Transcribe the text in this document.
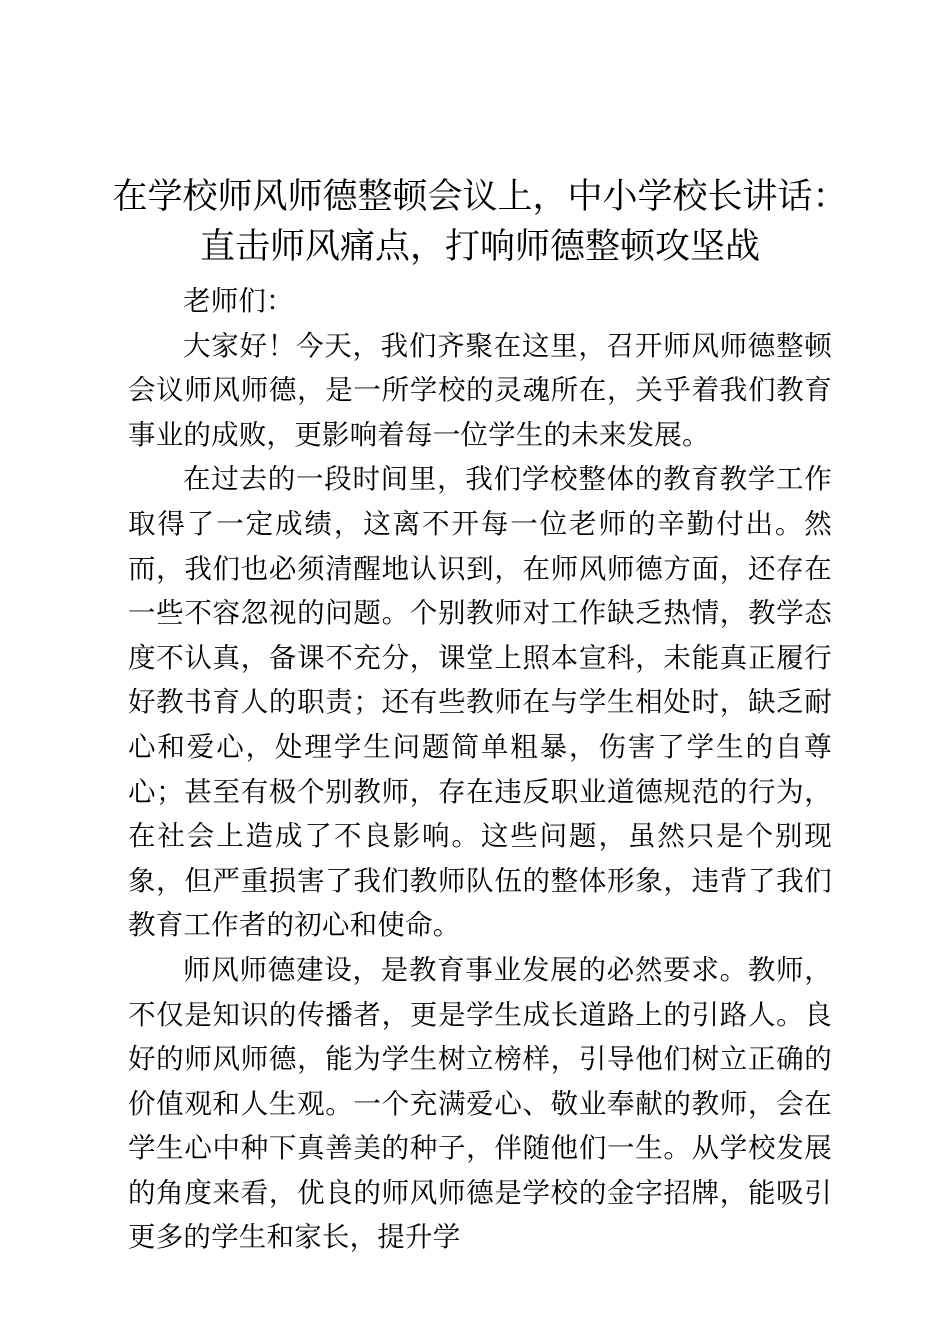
在学校师风师德整顿会议上，中小学校长讲话：
直击师风痛点，打响师德整顿攻坚战

老师们：

大家好！今天，我们齐聚在这里，召开师风师德整顿会议师风师德，是一所学校的灵魂所在，关乎着我们教育事业的成败，更影响着每一位学生的未来发展。

在过去的一段时间里，我们学校整体的教育教学工作取得了一定成绩，这离不开每一位老师的辛勤付出。然而，我们也必须清醒地认识到，在师风师德方面，还存在一些不容忽视的问题。个别教师对工作缺乏热情，教学态度不认真，备课不充分，课堂上照本宣科，未能真正履行好教书育人的职责；还有些教师在与学生相处时，缺乏耐心和爱心，处理学生问题简单粗暴，伤害了学生的自尊心；甚至有极个别教师，存在违反职业道德规范的行为，在社会上造成了不良影响。这些问题，虽然只是个别现象，但严重损害了我们教师队伍的整体形象，违背了我们教育工作者的初心和使命。

师风师德建设，是教育事业发展的必然要求。教师，不仅是知识的传播者，更是学生成长道路上的引路人。良好的师风师德，能为学生树立榜样，引导他们树立正确的价值观和人生观。一个充满爱心、敬业奉献的教师，会在学生心中种下真善美的种子，伴随他们一生。从学校发展的角度来看，优良的师风师德是学校的金字招牌，能吸引更多的学生和家长，提升学
